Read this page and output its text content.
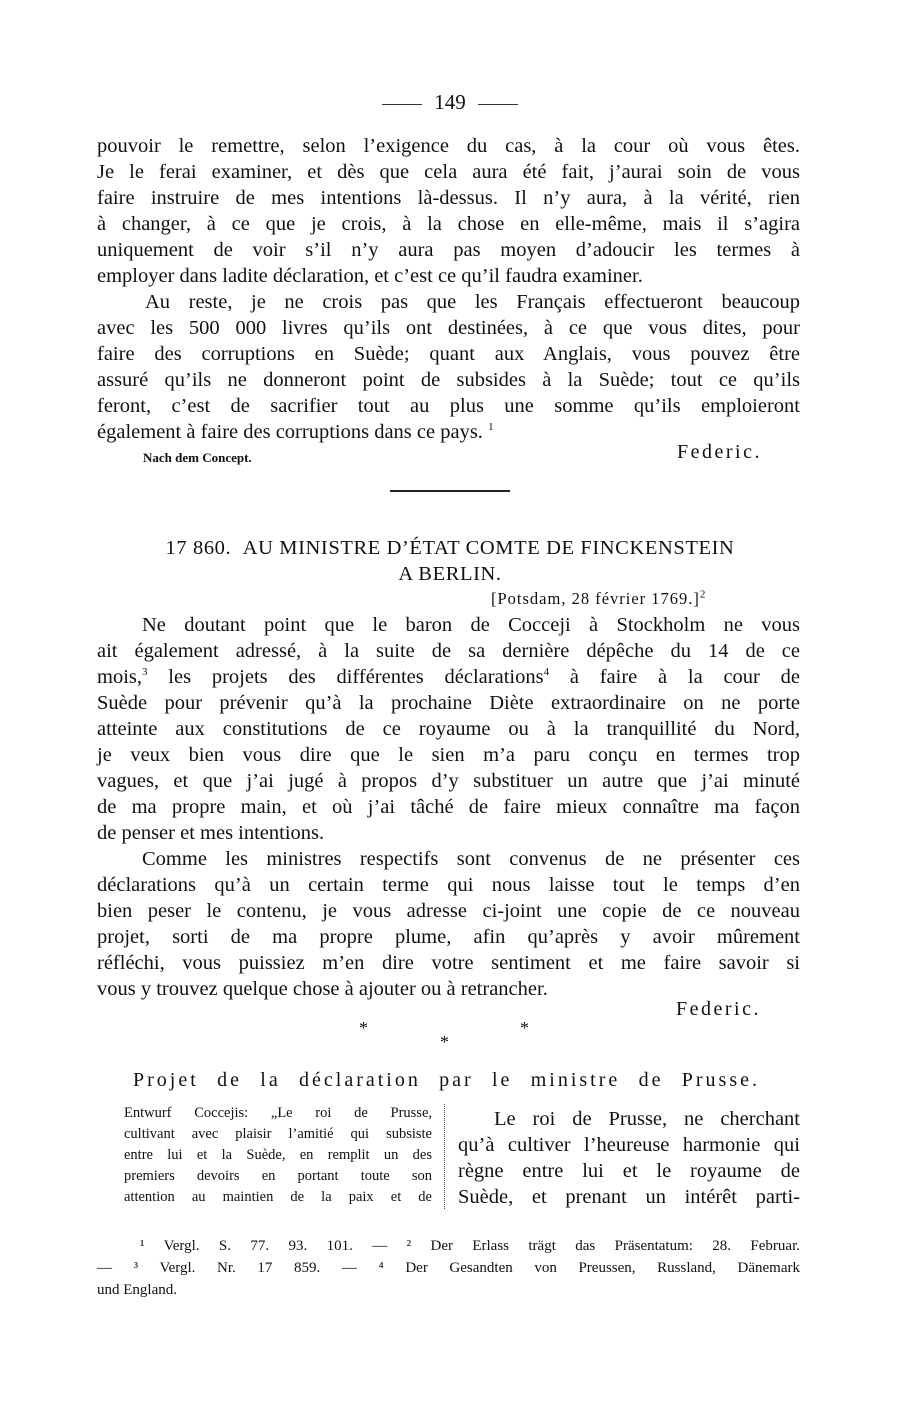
149
pouvoir le remettre, selon l’exigence du cas, à la cour où vous êtes.
Je le ferai examiner, et dès que cela aura été fait, j’aurai soin de vous
faire instruire de mes intentions là-dessus. Il n’y aura, à la vérité, rien
à changer, à ce que je crois, à la chose en elle-même, mais il s’agira
uniquement de voir s’il n’y aura pas moyen d’adoucir les termes à
employer dans ladite déclaration, et c’est ce qu’il faudra examiner.
Au reste, je ne crois pas que les Français effectueront beaucoup
avec les 500 000 livres qu’ils ont destinées, à ce que vous dites, pour
faire des corruptions en Suède; quant aux Anglais, vous pouvez être
assuré qu’ils ne donneront point de subsides à la Suède; tout ce qu’ils
feront, c’est de sacrifier tout au plus une somme qu’ils emploieront
également à faire des corruptions dans ce pays. $^1$
Nach dem Concept.	Federic.
17 860. AU MINISTRE D’ÉTAT COMTE DE FINCKENSTEIN
A BERLIN.
[Potsdam, 28 février 1769.]$^2$
Ne doutant point que le baron de Cocceji à Stockholm ne vous
ait également adressé, à la suite de sa dernière dépêche du 14 de ce
mois,$^3$ les projets des différentes déclarations$^4$ à faire à la cour de
Suède pour prévenir qu’à la prochaine Diète extraordinaire on ne porte
atteinte aux constitutions de ce royaume ou à la tranquillité du Nord,
je veux bien vous dire que le sien m’a paru conçu en termes trop
vagues, et que j’ai jugé à propos d’y substituer un autre que j’ai minuté
de ma propre main, et où j’ai tâché de faire mieux connaître ma façon
de penser et mes intentions.
Comme les ministres respectifs sont convenus de ne présenter ces
déclarations qu’à un certain terme qui nous laisse tout le temps d’en
bien peser le contenu, je vous adresse ci-joint une copie de ce nouveau
projet, sorti de ma propre plume, afin qu’après y avoir mûrement
réfléchi, vous puissiez m’en dire votre sentiment et me faire savoir si
vous y trouvez quelque chose à ajouter ou à retrancher.
Federic.
*	*
*
Projet de la déclaration par le ministre de Prusse.
Entwurf Coccejis: „Le roi de Prusse,
cultivant avec plaisir l’amitié qui subsiste
entre lui et la Suède, en remplit un des
premiers devoirs en portant toute son
attention au maintien de la paix et de
Le roi de Prusse, ne cherchant
qu’à cultiver l’heureuse harmonie qui
règne entre lui et le royaume de
Suède, et prenant un intérêt parti-
¹ Vergl. S. 77. 93. 101. — ² Der Erlass trägt das Präsentatum: 28. Februar.
— ³ Vergl. Nr. 17 859. — ⁴ Der Gesandten von Preussen, Russland, Dänemark
und England.
